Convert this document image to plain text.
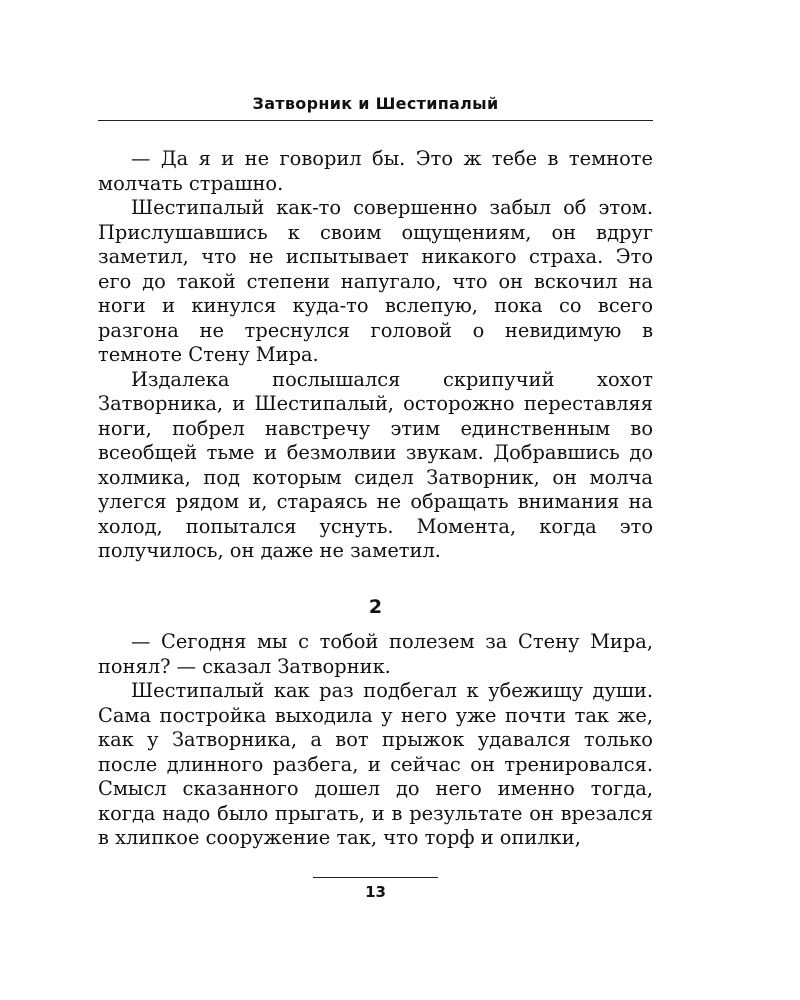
Затворник и Шестипалый

— Да я и не говорил бы. Это ж тебе в темноте молчать страшно.

Шестипалый как-то совершенно забыл об этом. Прислушавшись к своим ощущениям, он вдруг заметил, что не испытывает никакого страха. Это его до такой степени напугало, что он вскочил на ноги и кинулся куда-то вслепую, пока со всего разгона не треснулся головой о невидимую в темноте Стену Мира.

Издалека послышался скрипучий хохот Затворника, и Шестипалый, осторожно переставляя ноги, побрел навстречу этим единственным во всеобщей тьме и безмолвии звукам. Добравшись до холмика, под которым сидел Затворник, он молча улегся рядом и, стараясь не обращать внимания на холод, попытался уснуть. Момента, когда это получилось, он даже не заметил.

2

— Сегодня мы с тобой полезем за Стену Мира, понял? — сказал Затворник.

Шестипалый как раз подбегал к убежищу души. Сама постройка выходила у него уже почти так же, как у Затворника, а вот прыжок удавался только после длинного разбега, и сейчас он тренировался. Смысл сказанного дошел до него именно тогда, когда надо было прыгать, и в результате он врезался в хлипкое сооружение так, что торф и опилки,

13
